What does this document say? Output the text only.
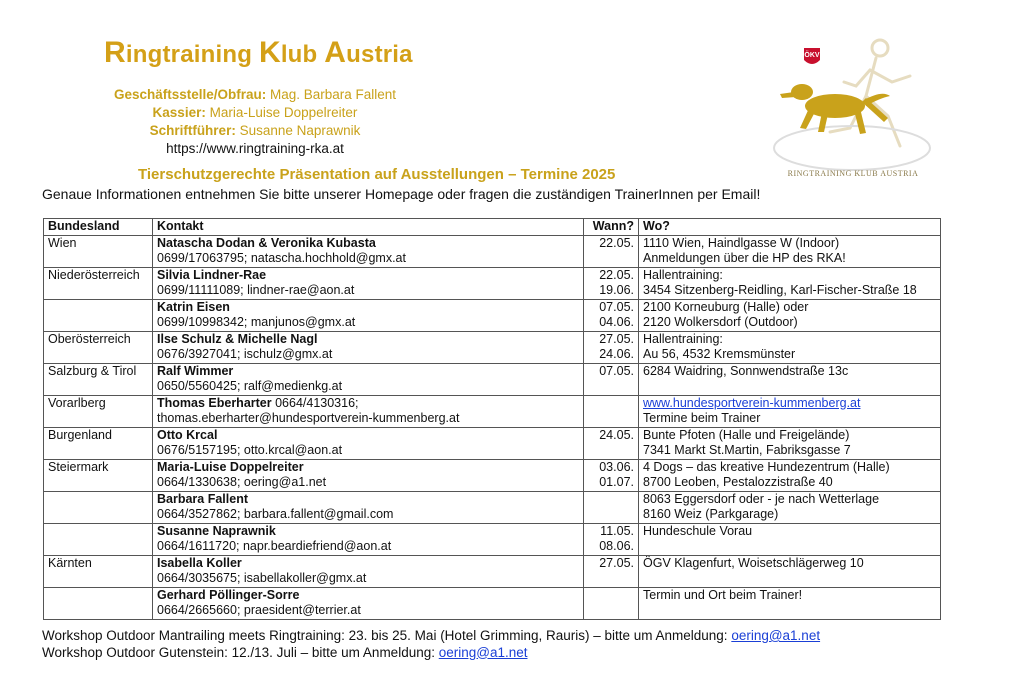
Ringtraining Klub Austria
Geschäftsstelle/Obfrau: Mag. Barbara Fallent
Kassier: Maria-Luise Doppelreiter
Schriftführer: Susanne Naprawnik
https://www.ringtraining-rka.at
ÖKV
RINGTRAINING KLUB AUSTRIA
Tierschutzgerechte Präsentation auf Ausstellungen – Termine 2025

Genaue Informationen entnehmen Sie bitte unserer Homepage oder fragen die zuständigen TrainerInnen per Email!

Bundesland	Kontakt	Wann?	Wo?
Wien	Natascha Dodan & Veronika Kubasta
0699/17063795; natascha.hochhold@gmx.at	22.05.	1110 Wien, Haindlgasse W (Indoor)
Anmeldungen über die HP des RKA!

Niederösterreich	Silvia Lindner-Rae
0699/11111089; lindner-rae@aon.at	22.05.
19.06.	Hallentraining:
3454 Sitzenberg-Reidling, Karl-Fischer-Straße 18

	Katrin Eisen
0699/10998342; manjunos@gmx.at	07.05.
04.06.	2100 Korneuburg (Halle) oder
2120 Wolkersdorf (Outdoor)

Oberösterreich	Ilse Schulz & Michelle Nagl
0676/3927041; ischulz@gmx.at	27.05.
24.06.	Hallentraining:
Au 56, 4532 Kremsmünster

Salzburg & Tirol	Ralf Wimmer
0650/5560425; ralf@medienkg.at	07.05.	6284 Waidring, Sonnwendstraße 13c

Vorarlberg	Thomas Eberharter 0664/4130316;
thomas.eberharter@hundesportverein-kummenberg.at		www.hundesportverein-kummenberg.at
Termine beim Trainer

Burgenland	Otto Krcal
0676/5157195; otto.krcal@aon.at	24.05.	Bunte Pfoten (Halle und Freigelände)
7341 Markt St.Martin, Fabriksgasse 7

Steiermark	Maria-Luise Doppelreiter
0664/1330638; oering@a1.net	03.06.
01.07.	4 Dogs – das kreative Hundezentrum (Halle)
8700 Leoben, Pestalozzistraße 40

	Barbara Fallent
0664/3527862; barbara.fallent@gmail.com		8063 Eggersdorf oder - je nach Wetterlage
8160 Weiz (Parkgarage)

	Susanne Naprawnik
0664/1611720; napr.beardiefriend@aon.at	11.05.
08.06.	Hundeschule Vorau

Kärnten	Isabella Koller
0664/3035675; isabellakoller@gmx.at	27.05.	ÖGV Klagenfurt, Woisetschlägerweg 10

	Gerhard Pöllinger-Sorre
0664/2665660; praesident@terrier.at		Termin und Ort beim Trainer!
Workshop Outdoor Mantrailing meets Ringtraining: 23. bis 25. Mai (Hotel Grimming, Rauris) – bitte um Anmeldung: oering@a1.net
Workshop Outdoor Gutenstein: 12./13. Juli – bitte um Anmeldung: oering@a1.net
